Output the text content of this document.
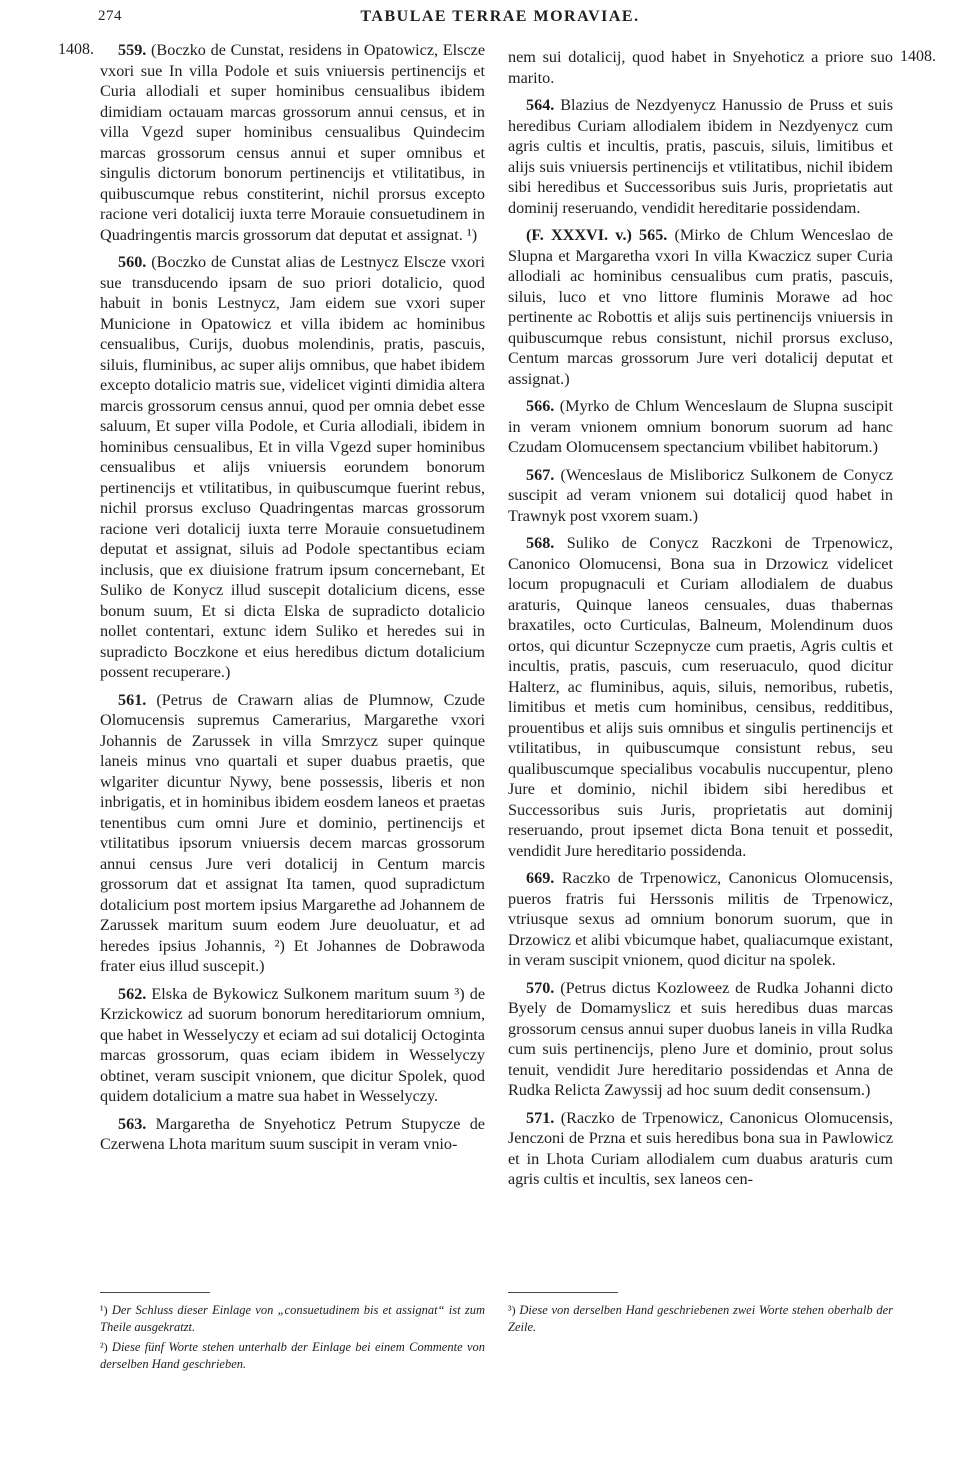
274	TABULAE TERRAE MORAVIAE.
1408.	1408.

559. (Boczko de Cunstat, residens in Opatowicz, Elscze vxori sue In villa Podole et suis vniuersis pertinencijs et Curia allodiali et super hominibus censualibus ibidem dimidiam octauam marcas grossorum annui census, et in villa Vgezd super hominibus censualibus Quindecim marcas grossorum census annui et super omnibus et singulis dictorum bonorum pertinencijs et vtilitatibus, in quibuscumque rebus constiterint, nichil prorsus excepto racione veri dotalicij iuxta terre Morauie consuetudinem in Quadringentis marcis grossorum dat deputat et assignat. ¹)

560. (Boczko de Cunstat alias de Lestnycz Elscze vxori sue transducendo ipsam de suo priori dotalicio, quod habuit in bonis Lestnycz, Jam eidem sue vxori super Municione in Opatowicz et villa ibidem ac hominibus censualibus, Curijs, duobus molendinis, pratis, pascuis, siluis, fluminibus, ac super alijs omnibus, que habet ibidem excepto dotalicio matris sue, videlicet viginti dimidia altera marcis grossorum census annui, quod per omnia debet esse saluum, Et super villa Podole, et Curia allodiali, ibidem in hominibus censualibus, Et in villa Vgezd super hominibus censualibus et alijs vniuersis eorundem bonorum pertinencijs et vtilitatibus, in quibuscumque fuerint rebus, nichil prorsus excluso Quadringentas marcas grossorum racione veri dotalicij iuxta terre Morauie consuetudinem deputat et assignat, siluis ad Podole spectantibus eciam inclusis, que ex diuisione fratrum ipsum concernebant, Et Suliko de Konycz illud suscepit dotalicium dicens, esse bonum suum, Et si dicta Elska de supradicto dotalicio nollet contentari, extunc idem Suliko et heredes sui in supradicto Boczkone et eius heredibus dictum dotalicium possent recuperare.)

561. (Petrus de Crawarn alias de Plumnow, Czude Olomucensis supremus Camerarius, Margarethe vxori Johannis de Zarussek in villa Smrzycz super quinque laneis minus vno quartali et super duabus praetis, que wlgariter dicuntur Nywy, bene possessis, liberis et non inbrigatis, et in hominibus ibidem eosdem laneos et praetas tenentibus cum omni Jure et dominio, pertinencijs et vtilitatibus ipsorum vniuersis decem marcas grossorum annui census Jure veri dotalicij in Centum marcis grossorum dat et assignat Ita tamen, quod supradictum dotalicium post mortem ipsius Margarethe ad Johannem de Zarussek maritum suum eodem Jure deuoluatur, et ad heredes ipsius Johannis, ²) Et Johannes de Dobrawoda frater eius illud suscepit.)

562. Elska de Bykowicz Sulkonem maritum suum ³) de Krzickowicz ad suorum bonorum hereditariorum omnium, que habet in Wesselyczy et eciam ad sui dotalicij Octoginta marcas grossorum, quas eciam ibidem in Wesselyczy obtinet, veram suscipit vnionem, que dicitur Spolek, quod quidem dotalicium a matre sua habet in Wesselyczy.

563. Margaretha de Snyehoticz Petrum Stupycze de Czerwena Lhota maritum suum suscipit in veram vnio-

nem sui dotalicij, quod habet in Snyehoticz a priore suo marito.

564. Blazius de Nezdyenycz Hanussio de Pruss et suis heredibus Curiam allodialem ibidem in Nezdyenycz cum agris cultis et incultis, pratis, pascuis, siluis, limitibus et alijs suis vniuersis pertinencijs et vtilitatibus, nichil ibidem sibi heredibus et Successoribus suis Juris, proprietatis aut dominij reseruando, vendidit hereditarie possidendam.

(F. XXXVI. v.) 565. (Mirko de Chlum Wenceslao de Slupna et Margaretha vxori In villa Kwaczicz super Curia allodiali ac hominibus censualibus cum pratis, pascuis, siluis, luco et vno littore fluminis Morawe ad hoc pertinente ac Robottis et alijs suis pertinencijs vniuersis in quibuscumque rebus consistunt, nichil prorsus excluso, Centum marcas grossorum Jure veri dotalicij deputat et assignat.)

566. (Myrko de Chlum Wenceslaum de Slupna suscipit in veram vnionem omnium bonorum suorum ad hanc Czudam Olomucensem spectancium vbilibet habitorum.)

567. (Wenceslaus de Misliboricz Sulkonem de Conycz suscipit ad veram vnionem sui dotalicij quod habet in Trawnyk post vxorem suam.)

568. Suliko de Conycz Raczkoni de Trpenowicz, Canonico Olomucensi, Bona sua in Drzowicz videlicet locum propugnaculi et Curiam allodialem de duabus araturis, Quinque laneos censuales, duas thabernas braxatiles, octo Curticulas, Balneum, Molendinum duos ortos, qui dicuntur Sczepnycze cum praetis, Agris cultis et incultis, pratis, pascuis, cum reseruaculo, quod dicitur Halterz, ac fluminibus, aquis, siluis, nemoribus, rubetis, limitibus et metis cum hominibus, censibus, redditibus, prouentibus et alijs suis omnibus et singulis pertinencijs et vtilitatibus, in quibuscumque consistunt rebus, seu qualibuscumque specialibus vocabulis nuccupentur, pleno Jure et dominio, nichil ibidem sibi heredibus et Successoribus suis Juris, proprietatis aut dominij reseruando, prout ipsemet dicta Bona tenuit et possedit, vendidit Jure hereditario possidenda.

669. Raczko de Trpenowicz, Canonicus Olomucensis, pueros fratris fui Herssonis militis de Trpenowicz, vtriusque sexus ad omnium bonorum suorum, que in Drzowicz et alibi vbicumque habet, qualiacumque existant, in veram suscipit vnionem, quod dicitur na spolek.

570. (Petrus dictus Kozloweez de Rudka Johanni dicto Byely de Domamyslicz et suis heredibus duas marcas grossorum census annui super duobus laneis in villa Rudka cum suis pertinencijs, pleno Jure et dominio, prout solus tenuit, vendidit Jure hereditario possidendas et Anna de Rudka Relicta Zawyssij ad hoc suum dedit consensum.)

571. (Raczko de Trpenowicz, Canonicus Olomucensis, Jenczoni de Przna et suis heredibus bona sua in Pawlowicz et in Lhota Curiam allodialem cum duabus araturis cum agris cultis et incultis, sex laneos cen-

¹) Der Schluss dieser Einlage von „consuetudinem bis et assignat“ ist zum Theile ausgekratzt.

²) Diese fünf Worte stehen unterhalb der Einlage bei einem Commente von derselben Hand geschrieben.

³) Diese von derselben Hand geschriebenen zwei Worte stehen oberhalb der Zeile.
